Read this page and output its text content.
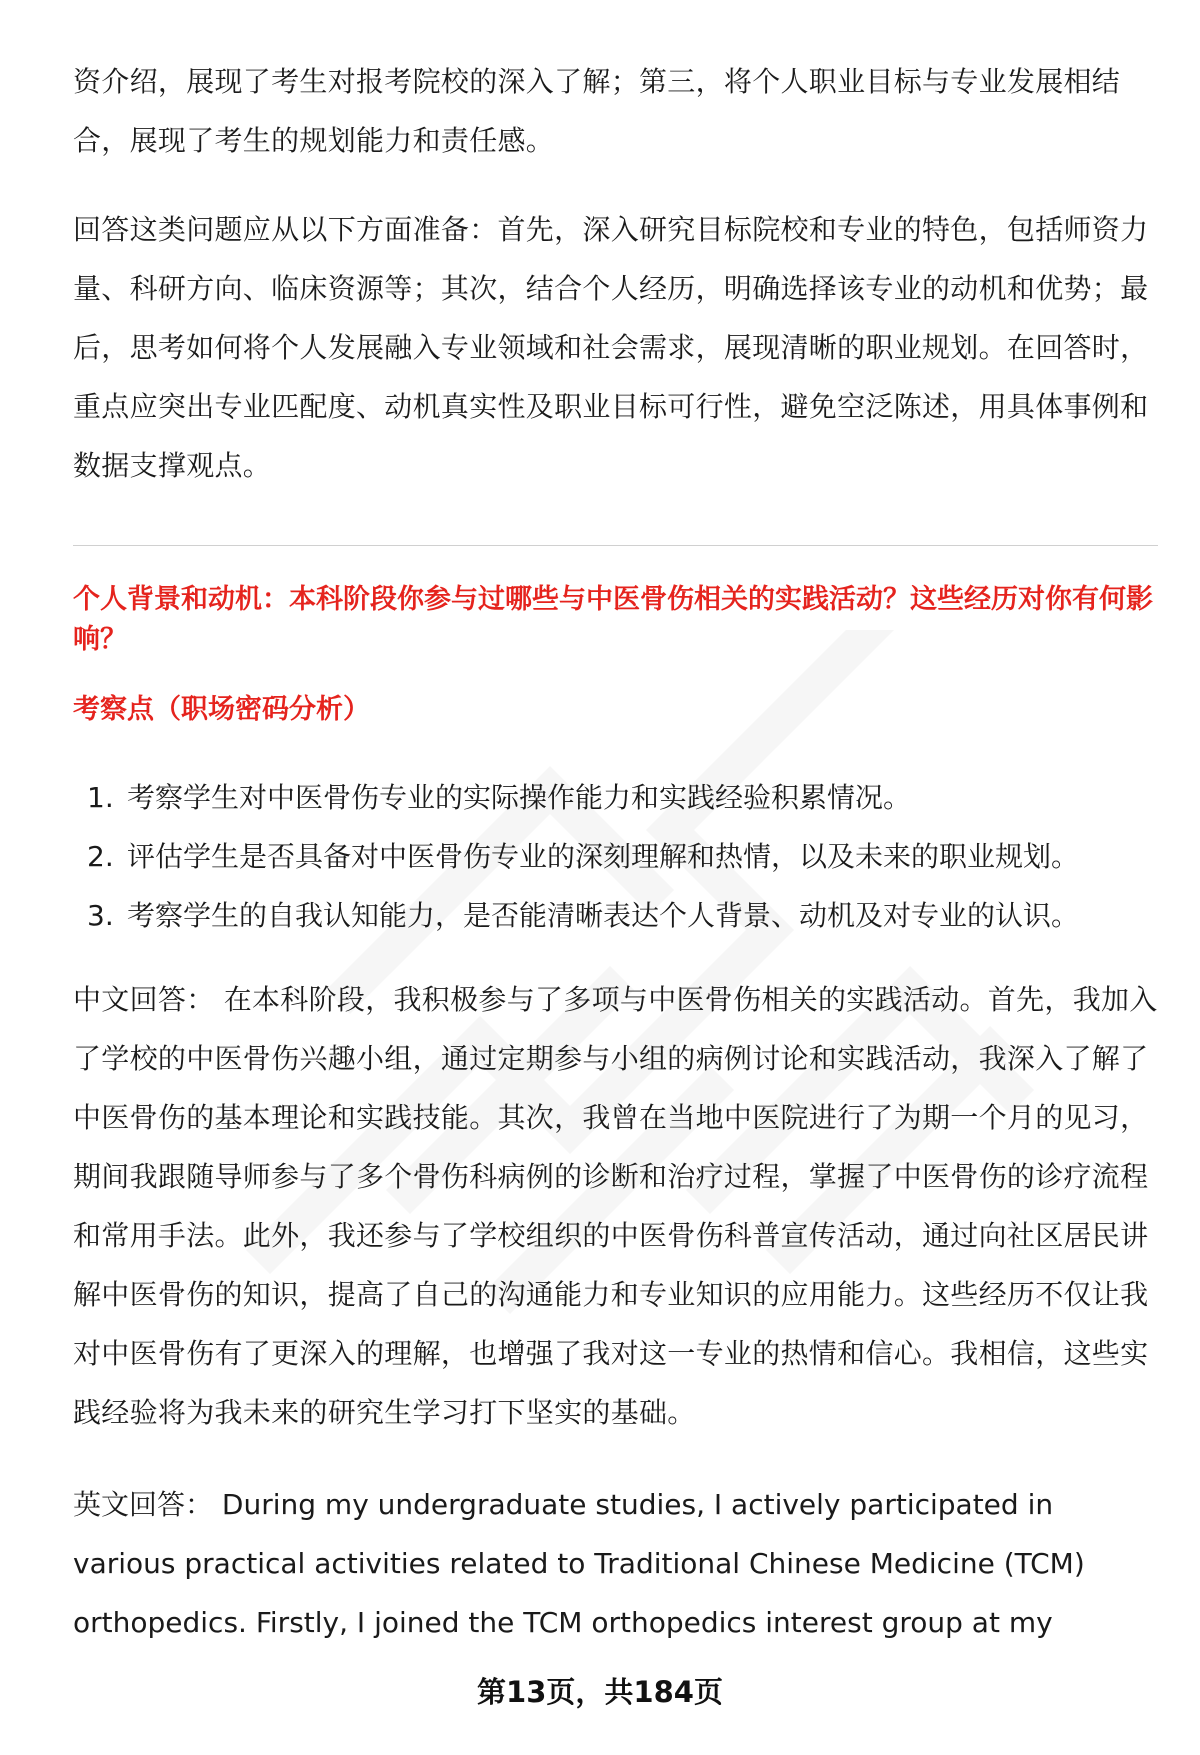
资介绍，展现了考生对报考院校的深入了解；第三，将个人职业目标与专业发展相结合，展现了考生的规划能力和责任感。

回答这类问题应从以下方面准备：首先，深入研究目标院校和专业的特色，包括师资力量、科研方向、临床资源等；其次，结合个人经历，明确选择该专业的动机和优势；最后，思考如何将个人发展融入专业领域和社会需求，展现清晰的职业规划。在回答时，重点应突出专业匹配度、动机真实性及职业目标可行性，避免空泛陈述，用具体事例和数据支撑观点。

个人背景和动机：本科阶段你参与过哪些与中医骨伤相关的实践活动？这些经历对你有何影响？

考察点（职场密码分析）

1. 考察学生对中医骨伤专业的实际操作能力和实践经验积累情况。
2. 评估学生是否具备对中医骨伤专业的深刻理解和热情，以及未来的职业规划。
3. 考察学生的自我认知能力，是否能清晰表达个人背景、动机及对专业的认识。

中文回答： 在本科阶段，我积极参与了多项与中医骨伤相关的实践活动。首先，我加入了学校的中医骨伤兴趣小组，通过定期参与小组的病例讨论和实践活动，我深入了解了中医骨伤的基本理论和实践技能。其次，我曾在当地中医院进行了为期一个月的见习，期间我跟随导师参与了多个骨伤科病例的诊断和治疗过程，掌握了中医骨伤的诊疗流程和常用手法。此外，我还参与了学校组织的中医骨伤科普宣传活动，通过向社区居民讲解中医骨伤的知识，提高了自己的沟通能力和专业知识的应用能力。这些经历不仅让我对中医骨伤有了更深入的理解，也增强了我对这一专业的热情和信心。我相信，这些实践经验将为我未来的研究生学习打下坚实的基础。

英文回答： During my undergraduate studies, I actively participated in various practical activities related to Traditional Chinese Medicine (TCM) orthopedics. Firstly, I joined the TCM orthopedics interest group at my

第13页，共184页
